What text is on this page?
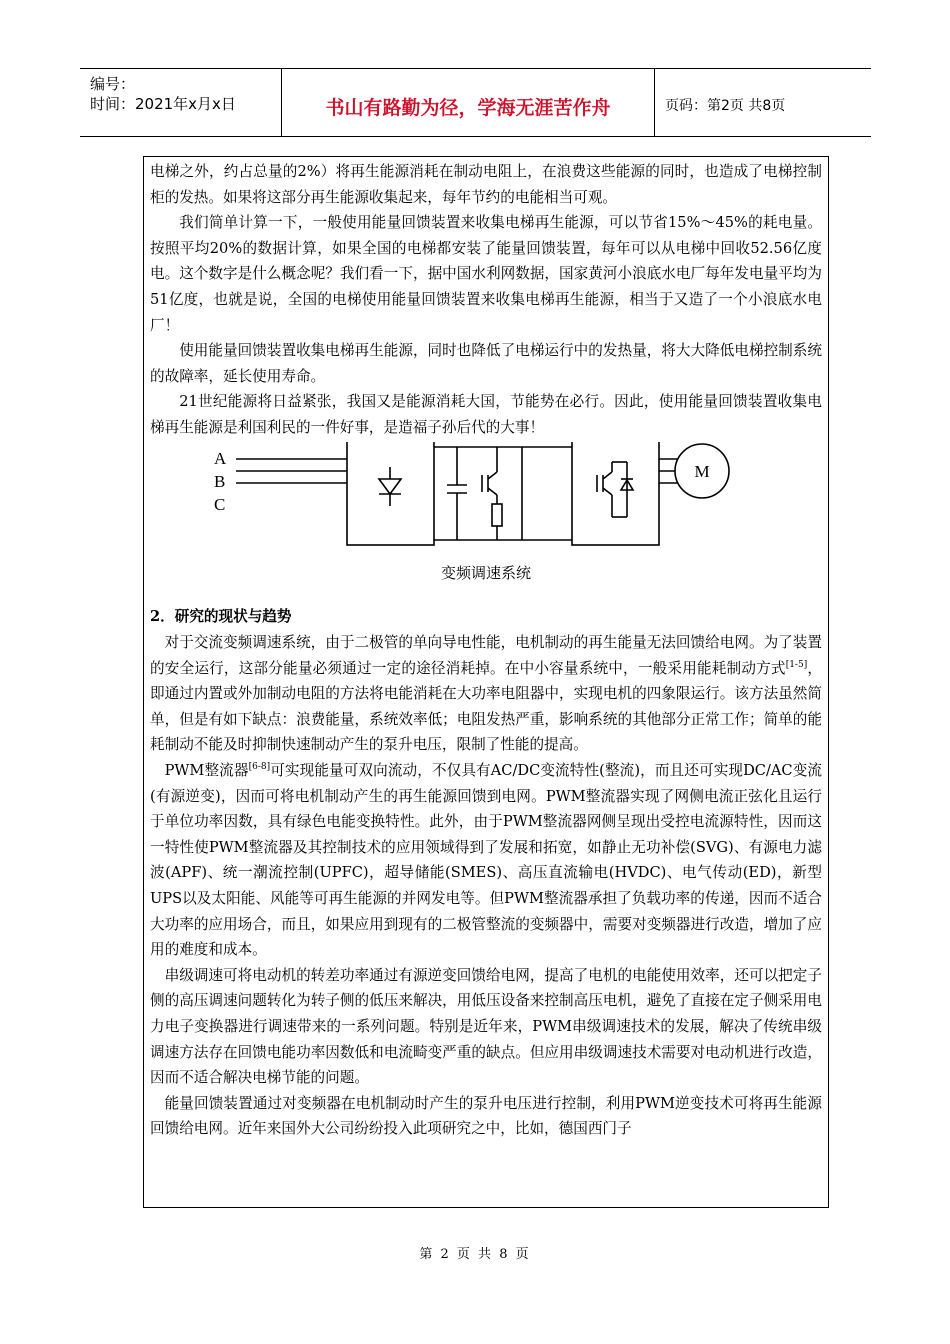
编号：
时间：2021年x月x日	书山有路勤为径，学海无涯苦作舟	页码：第2页 共8页

电梯之外，约占总量的2%）将再生能源消耗在制动电阻上，在浪费这些能源的同时，也造成了电梯控制柜的发热。如果将这部分再生能源收集起来，每年节约的电能相当可观。

我们简单计算一下，一般使用能量回馈装置来收集电梯再生能源，可以节省15%～45%的耗电量。按照平均20%的数据计算，如果全国的电梯都安装了能量回馈装置，每年可以从电梯中回收52.56亿度电。这个数字是什么概念呢？我们看一下，据中国水利网数据，国家黄河小浪底水电厂每年发电量平均为51亿度，也就是说，全国的电梯使用能量回馈装置来收集电梯再生能源，相当于又造了一个小浪底水电厂！

使用能量回馈装置收集电梯再生能源，同时也降低了电梯运行中的发热量，将大大降低电梯控制系统的故障率，延长使用寿命。

21世纪能源将日益紧张，我国又是能源消耗大国，节能势在必行。因此，使用能量回馈装置收集电梯再生能源是利国利民的一件好事，是造福子孙后代的大事！

A
B
C
M
变频调速系统
2．研究的现状与趋势

对于交流变频调速系统，由于二极管的单向导电性能，电机制动的再生能量无法回馈给电网。为了装置的安全运行，这部分能量必须通过一定的途径消耗掉。在中小容量系统中，一般采用能耗制动方式[1-5]，即通过内置或外加制动电阻的方法将电能消耗在大功率电阻器中，实现电机的四象限运行。该方法虽然简单，但是有如下缺点：浪费能量，系统效率低；电阻发热严重，影响系统的其他部分正常工作；简单的能耗制动不能及时抑制快速制动产生的泵升电压，限制了性能的提高。

PWM整流器[6-8]可实现能量可双向流动，不仅具有AC/DC变流特性(整流)，而且还可实现DC/AC变流 (有源逆变)，因而可将电机制动产生的再生能源回馈到电网。PWM整流器实现了网侧电流正弦化且运行于单位功率因数，具有绿色电能变换特性。此外，由于PWM整流器网侧呈现出受控电流源特性，因而这一特性使PWM整流器及其控制技术的应用领域得到了发展和拓宽，如静止无功补偿(SVG)、有源电力滤波(APF)、统一潮流控制(UPFC)，超导储能(SMES)、高压直流输电(HVDC)、电气传动(ED)，新型UPS以及太阳能、风能等可再生能源的并网发电等。但PWM整流器承担了负载功率的传递，因而不适合大功率的应用场合，而且，如果应用到现有的二极管整流的变频器中，需要对变频器进行改造，增加了应用的难度和成本。

串级调速可将电动机的转差功率通过有源逆变回馈给电网，提高了电机的电能使用效率，还可以把定子侧的高压调速问题转化为转子侧的低压来解决，用低压设备来控制高压电机，避免了直接在定子侧采用电力电子变换器进行调速带来的一系列问题。特别是近年来，PWM串级调速技术的发展，解决了传统串级调速方法存在回馈电能功率因数低和电流畸变严重的缺点。但应用串级调速技术需要对电动机进行改造，因而不适合解决电梯节能的问题。

能量回馈装置通过对变频器在电机制动时产生的泵升电压进行控制，利用PWM逆变技术可将再生能源回馈给电网。近年来国外大公司纷纷投入此项研究之中，比如，德国西门子

第 2 页 共 8 页
